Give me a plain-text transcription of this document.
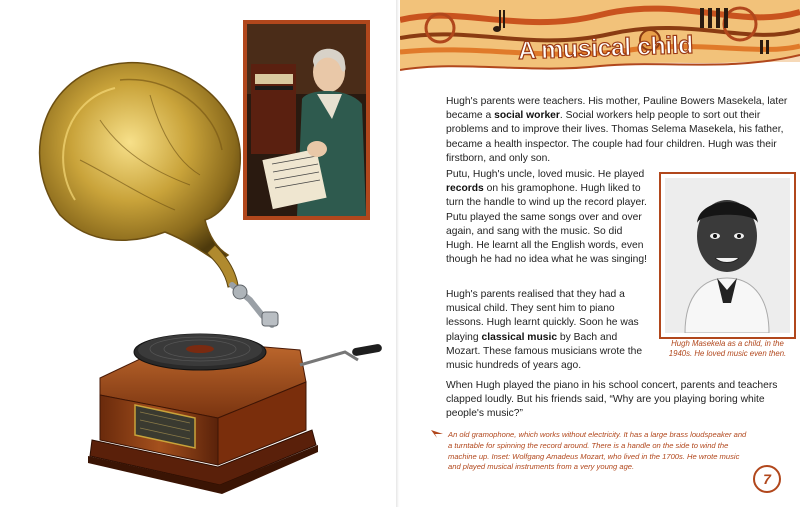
A musical child

Hugh's parents were teachers. His mother, Pauline Bowers Masekela, later became a social worker. Social workers help people to sort out their problems and to improve their lives. Thomas Selema Masekela, his father, became a health inspector. The couple had four children. Hugh was their firstborn, and only son.

Putu, Hugh's uncle, loved music. He played records on his gramophone. Hugh liked to turn the handle to wind up the record player. Putu played the same songs over and over again, and sang with the music. So did Hugh. He learnt all the English words, even though he had no idea what he was singing!

Hugh's parents realised that they had a musical child. They sent him to piano lessons. Hugh learnt quickly. Soon he was playing classical music by Bach and Mozart. These famous musicians wrote the music hundreds of years ago.

When Hugh played the piano in his school concert, parents and teachers clapped loudly. But his friends said, “Why are you playing boring white people's music?”

Hugh Masekela as a child, in the 1940s. He loved music even then.
An old gramophone, which works without electricity. It has a large brass loudspeaker and a turntable for spinning the record around. There is a handle on the side to wind the machine up. Inset: Wolfgang Amadeus Mozart, who lived in the 1700s. He wrote music and played musical instruments from a very young age.
7
